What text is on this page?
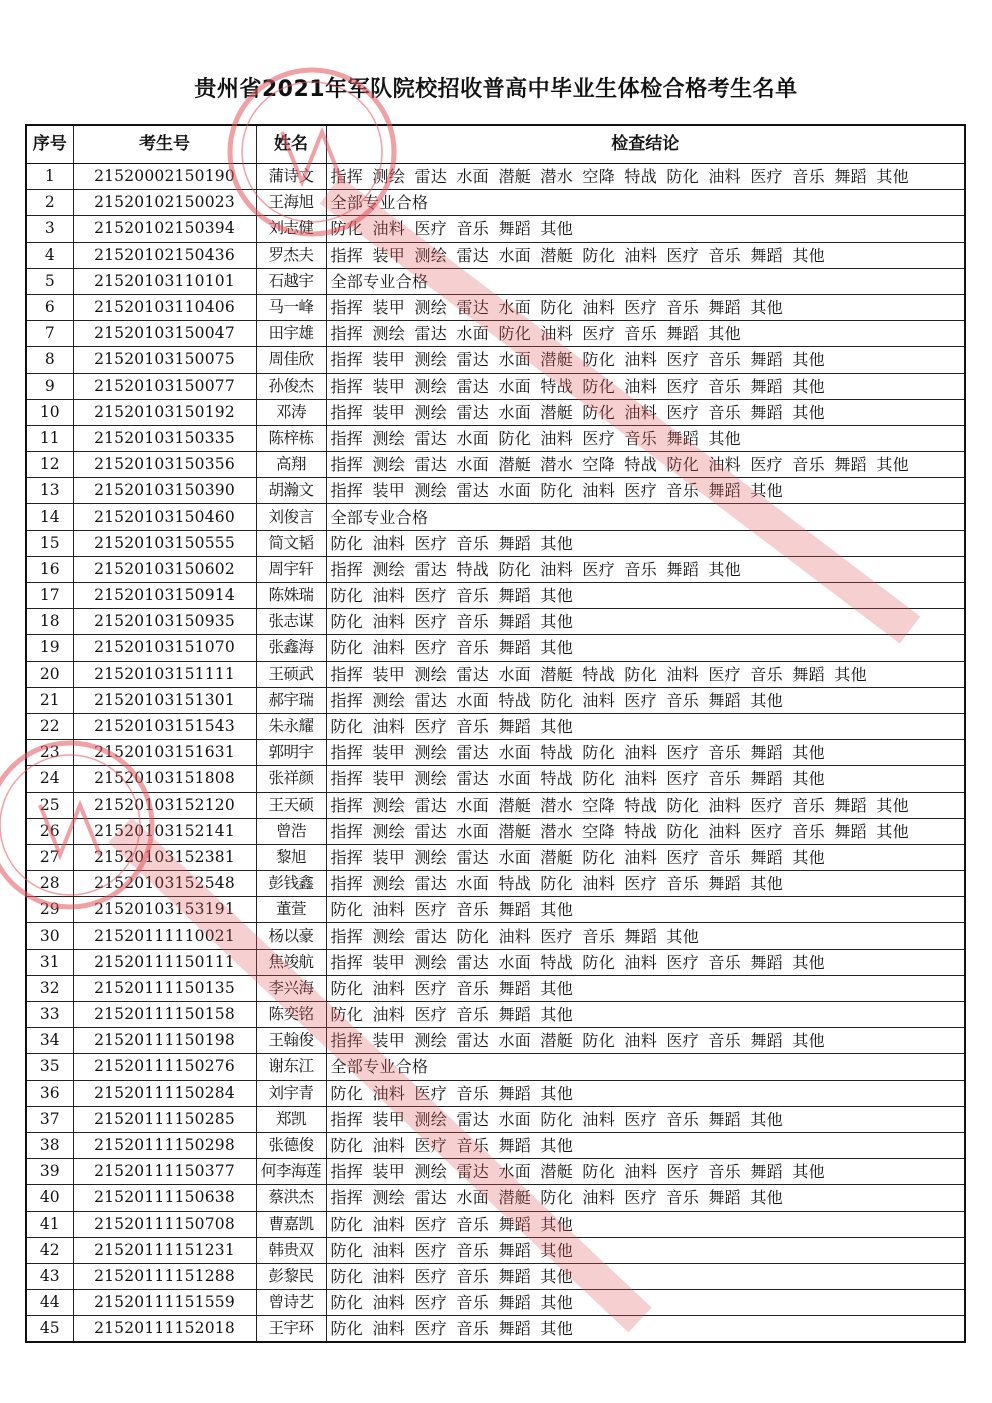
贵州省2021年军队院校招收普高中毕业生体检合格考生名单
序号	考生号	姓名	检查结论
1	21520002150190	蒲诗文	指挥 测绘 雷达 水面 潜艇 潜水 空降 特战 防化 油料 医疗 音乐 舞蹈 其他
2	21520102150023	王海旭	全部专业合格
3	21520102150394	刘志健	防化 油料 医疗 音乐 舞蹈 其他
4	21520102150436	罗杰夫	指挥 装甲 测绘 雷达 水面 潜艇 防化 油料 医疗 音乐 舞蹈 其他
5	21520103110101	石越宇	全部专业合格
6	21520103110406	马一峰	指挥 装甲 测绘 雷达 水面 防化 油料 医疗 音乐 舞蹈 其他
7	21520103150047	田宇雄	指挥 测绘 雷达 水面 防化 油料 医疗 音乐 舞蹈 其他
8	21520103150075	周佳欣	指挥 装甲 测绘 雷达 水面 潜艇 防化 油料 医疗 音乐 舞蹈 其他
9	21520103150077	孙俊杰	指挥 装甲 测绘 雷达 水面 特战 防化 油料 医疗 音乐 舞蹈 其他
10	21520103150192	邓涛	指挥 装甲 测绘 雷达 水面 潜艇 防化 油料 医疗 音乐 舞蹈 其他
11	21520103150335	陈梓栋	指挥 测绘 雷达 水面 防化 油料 医疗 音乐 舞蹈 其他
12	21520103150356	高翔	指挥 测绘 雷达 水面 潜艇 潜水 空降 特战 防化 油料 医疗 音乐 舞蹈 其他
13	21520103150390	胡瀚文	指挥 装甲 测绘 雷达 水面 防化 油料 医疗 音乐 舞蹈 其他
14	21520103150460	刘俊言	全部专业合格
15	21520103150555	简文韬	防化 油料 医疗 音乐 舞蹈 其他
16	21520103150602	周宇轩	指挥 测绘 雷达 特战 防化 油料 医疗 音乐 舞蹈 其他
17	21520103150914	陈姝瑞	防化 油料 医疗 音乐 舞蹈 其他
18	21520103150935	张志谋	防化 油料 医疗 音乐 舞蹈 其他
19	21520103151070	张鑫海	防化 油料 医疗 音乐 舞蹈 其他
20	21520103151111	王硕武	指挥 装甲 测绘 雷达 水面 潜艇 特战 防化 油料 医疗 音乐 舞蹈 其他
21	21520103151301	郝宇瑞	指挥 测绘 雷达 水面 特战 防化 油料 医疗 音乐 舞蹈 其他
22	21520103151543	朱永耀	防化 油料 医疗 音乐 舞蹈 其他
23	21520103151631	郭明宇	指挥 装甲 测绘 雷达 水面 特战 防化 油料 医疗 音乐 舞蹈 其他
24	21520103151808	张祥颜	指挥 装甲 测绘 雷达 水面 特战 防化 油料 医疗 音乐 舞蹈 其他
25	21520103152120	王天硕	指挥 测绘 雷达 水面 潜艇 潜水 空降 特战 防化 油料 医疗 音乐 舞蹈 其他
26	21520103152141	曾浩	指挥 测绘 雷达 水面 潜艇 潜水 空降 特战 防化 油料 医疗 音乐 舞蹈 其他
27	21520103152381	黎旭	指挥 装甲 测绘 雷达 水面 潜艇 防化 油料 医疗 音乐 舞蹈 其他
28	21520103152548	彭钱鑫	指挥 测绘 雷达 水面 特战 防化 油料 医疗 音乐 舞蹈 其他
29	21520103153191	董萱	防化 油料 医疗 音乐 舞蹈 其他
30	21520111110021	杨以豪	指挥 测绘 雷达 防化 油料 医疗 音乐 舞蹈 其他
31	21520111150111	焦竣航	指挥 装甲 测绘 雷达 水面 特战 防化 油料 医疗 音乐 舞蹈 其他
32	21520111150135	李兴海	防化 油料 医疗 音乐 舞蹈 其他
33	21520111150158	陈奕铭	防化 油料 医疗 音乐 舞蹈 其他
34	21520111150198	王翰俊	指挥 装甲 测绘 雷达 水面 潜艇 防化 油料 医疗 音乐 舞蹈 其他
35	21520111150276	谢东江	全部专业合格
36	21520111150284	刘宇青	防化 油料 医疗 音乐 舞蹈 其他
37	21520111150285	郑凯	指挥 装甲 测绘 雷达 水面 防化 油料 医疗 音乐 舞蹈 其他
38	21520111150298	张德俊	防化 油料 医疗 音乐 舞蹈 其他
39	21520111150377	何李海莲	指挥 装甲 测绘 雷达 水面 潜艇 防化 油料 医疗 音乐 舞蹈 其他
40	21520111150638	蔡洪杰	指挥 测绘 雷达 水面 潜艇 防化 油料 医疗 音乐 舞蹈 其他
41	21520111150708	曹嘉凯	防化 油料 医疗 音乐 舞蹈 其他
42	21520111151231	韩贵双	防化 油料 医疗 音乐 舞蹈 其他
43	21520111151288	彭黎民	防化 油料 医疗 音乐 舞蹈 其他
44	21520111151559	曾诗艺	防化 油料 医疗 音乐 舞蹈 其他
45	21520111152018	王宇环	防化 油料 医疗 音乐 舞蹈 其他
